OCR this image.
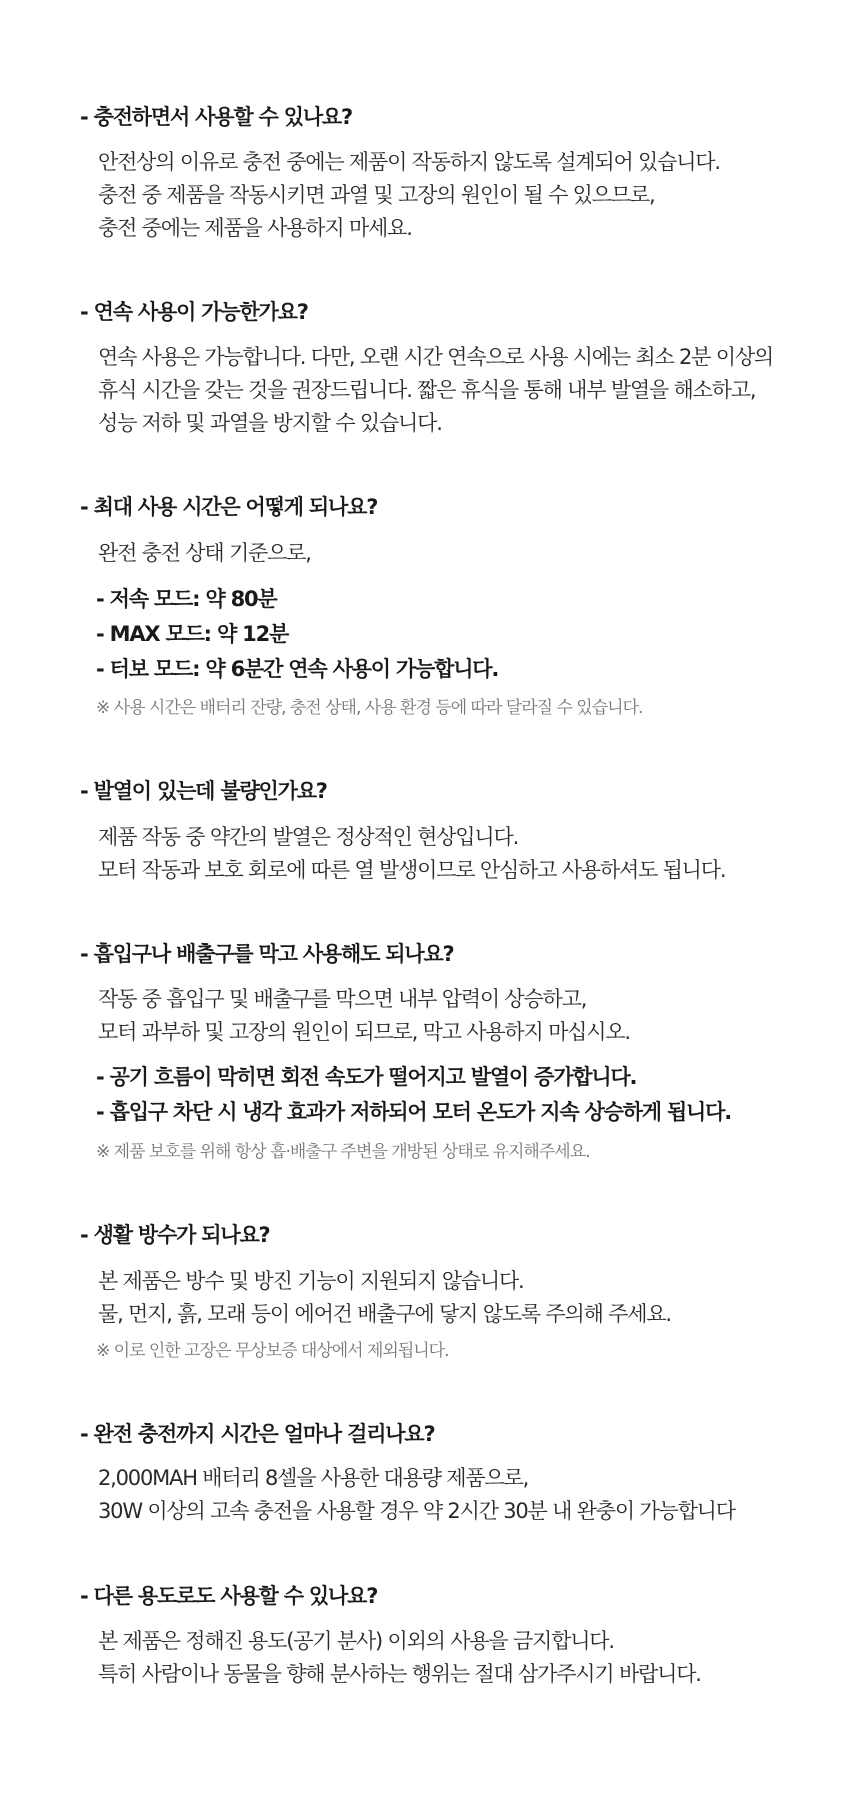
- 충전하면서 사용할 수 있나요?

안전상의 이유로 충전 중에는 제품이 작동하지 않도록 설계되어 있습니다.

충전 중 제품을 작동시키면 과열 및 고장의 원인이 될 수 있으므로,

충전 중에는 제품을 사용하지 마세요.

- 연속 사용이 가능한가요?

연속 사용은 가능합니다. 다만, 오랜 시간 연속으로 사용 시에는 최소 2분 이상의

휴식 시간을 갖는 것을 권장드립니다. 짧은 휴식을 통해 내부 발열을 해소하고,

성능 저하 및 과열을 방지할 수 있습니다.

- 최대 사용 시간은 어떻게 되나요?

완전 충전 상태 기준으로,

- 저속 모드: 약 80분

- MAX 모드: 약 12분

- 터보 모드: 약 6분간 연속 사용이 가능합니다.

※ 사용 시간은 배터리 잔량, 충전 상태, 사용 환경 등에 따라 달라질 수 있습니다.

- 발열이 있는데 불량인가요?

제품 작동 중 약간의 발열은 정상적인 현상입니다.

모터 작동과 보호 회로에 따른 열 발생이므로 안심하고 사용하셔도 됩니다.

- 흡입구나 배출구를 막고 사용해도 되나요?

작동 중 흡입구 및 배출구를 막으면 내부 압력이 상승하고,

모터 과부하 및 고장의 원인이 되므로, 막고 사용하지 마십시오.

- 공기 흐름이 막히면 회전 속도가 떨어지고 발열이 증가합니다.

- 흡입구 차단 시 냉각 효과가 저하되어 모터 온도가 지속 상승하게 됩니다.

※ 제품 보호를 위해 항상 흡·배출구 주변을 개방된 상태로 유지해주세요.

- 생활 방수가 되나요?

본 제품은 방수 및 방진 기능이 지원되지 않습니다.

물, 먼지, 흙, 모래 등이 에어건 배출구에 닿지 않도록 주의해 주세요.

※ 이로 인한 고장은 무상보증 대상에서 제외됩니다.

- 완전 충전까지 시간은 얼마나 걸리나요?

2,000MAH 배터리 8셀을 사용한 대용량 제품으로,

30W 이상의 고속 충전을 사용할 경우 약 2시간 30분 내 완충이 가능합니다

- 다른 용도로도 사용할 수 있나요?

본 제품은 정해진 용도(공기 분사) 이외의 사용을 금지합니다.

특히 사람이나 동물을 향해 분사하는 행위는 절대 삼가주시기 바랍니다.
